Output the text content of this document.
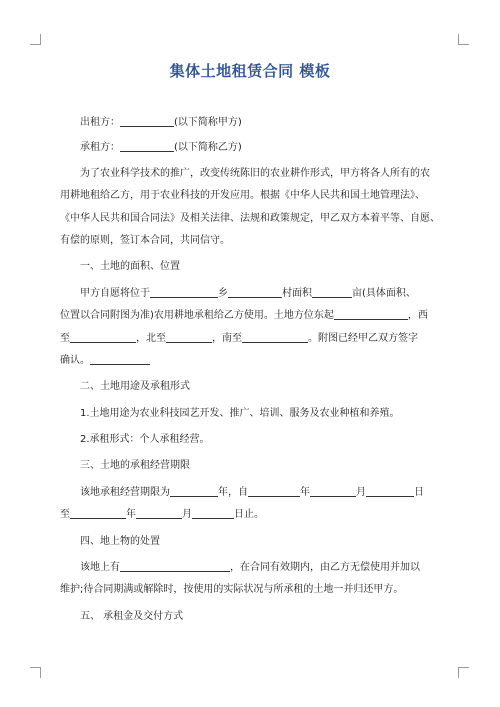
集体土地租赁合同 模板
出租方：	(以下简称甲方)
承租方：	(以下简称乙方)
为了农业科学技术的推广，改变传统陈旧的农业耕作形式，甲方将各人所有的农
用耕地租给乙方，用于农业科技的开发应用。根据《中华人民共和国土地管理法》、
《中华人民共和国合同法》及相关法律、法规和政策规定，甲乙双方本着平等、自愿、
有偿的原则，签订本合同，共同信守。
一、土地的面积、位置
甲方自愿将位于	乡	村面积	亩(具体面积、
位置以合同附图为准)农用耕地承租给乙方使用。土地方位东起	，西
至	，北至	，南至	。附图已经甲乙双方签字
确认。
二、土地用途及承租形式
1.土地用途为农业科技园艺开发、推广、培训、服务及农业种植和养殖。
2.承租形式：个人承租经营。
三、土地的承租经营期限
该地承租经营期限为	年，自	年	月	日
至	年	月	日止。
四、地上物的处置
该地上有	，在合同有效期内，由乙方无偿使用并加以
维护;待合同期满或解除时，按使用的实际状况与所承租的土地一并归还甲方。
五、 承租金及交付方式
